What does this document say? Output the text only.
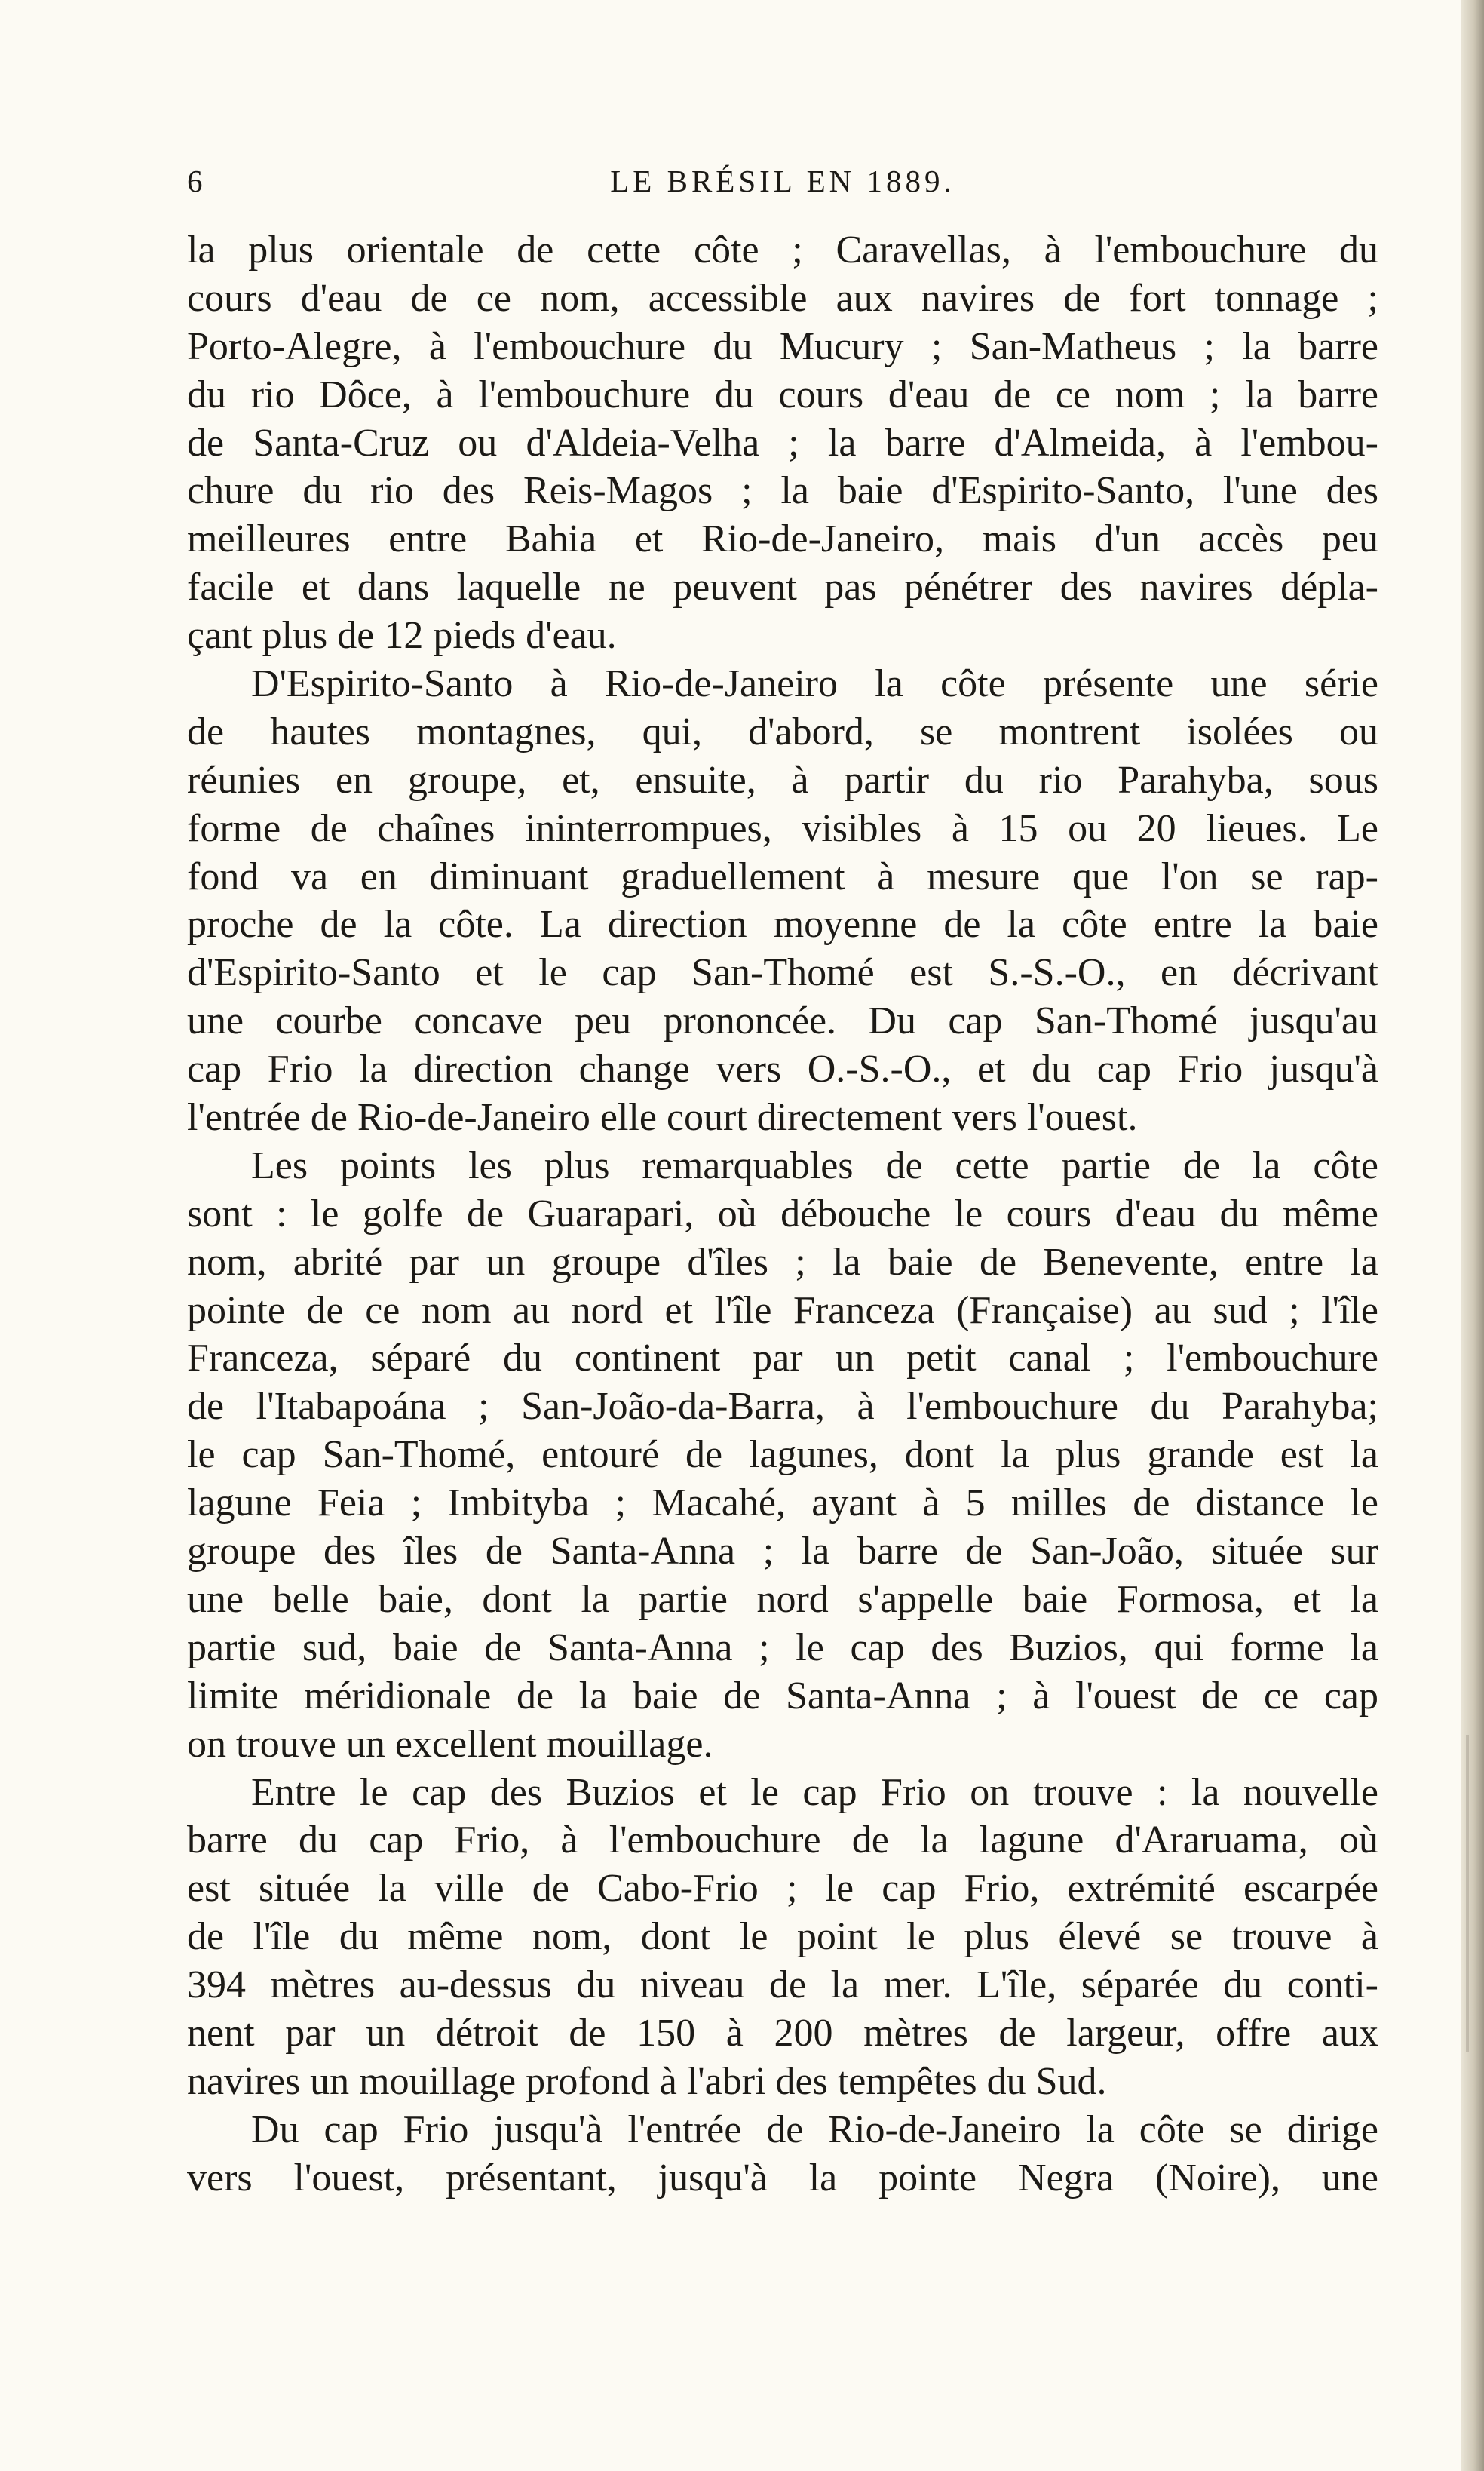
6	LE BRÉSIL EN 1889.
la plus orientale de cette côte ; Caravellas, à l'embouchure du
cours d'eau de ce nom, accessible aux navires de fort tonnage ;
Porto-Alegre, à l'embouchure du Mucury ; San-Matheus ; la barre
du rio Dôce, à l'embouchure du cours d'eau de ce nom ; la barre
de Santa-Cruz ou d'Aldeia-Velha ; la barre d'Almeida, à l'embou-
chure du rio des Reis-Magos ; la baie d'Espirito-Santo, l'une des
meilleures entre Bahia et Rio-de-Janeiro, mais d'un accès peu
facile et dans laquelle ne peuvent pas pénétrer des navires dépla-
çant plus de 12 pieds d'eau.
D'Espirito-Santo à Rio-de-Janeiro la côte présente une série
de hautes montagnes, qui, d'abord, se montrent isolées ou
réunies en groupe, et, ensuite, à partir du rio Parahyba, sous
forme de chaînes ininterrompues, visibles à 15 ou 20 lieues. Le
fond va en diminuant graduellement à mesure que l'on se rap-
proche de la côte. La direction moyenne de la côte entre la baie
d'Espirito-Santo et le cap San-Thomé est S.-S.-O., en décrivant
une courbe concave peu prononcée. Du cap San-Thomé jusqu'au
cap Frio la direction change vers O.-S.-O., et du cap Frio jusqu'à
l'entrée de Rio-de-Janeiro elle court directement vers l'ouest.
Les points les plus remarquables de cette partie de la côte
sont : le golfe de Guarapari, où débouche le cours d'eau du même
nom, abrité par un groupe d'îles ; la baie de Benevente, entre la
pointe de ce nom au nord et l'île Franceza (Française) au sud ; l'île
Franceza, séparé du continent par un petit canal ; l'embouchure
de l'Itabapoána ; San-João-da-Barra, à l'embouchure du Parahyba;
le cap San-Thomé, entouré de lagunes, dont la plus grande est la
lagune Feia ; Imbityba ; Macahé, ayant à 5 milles de distance le
groupe des îles de Santa-Anna ; la barre de San-João, située sur
une belle baie, dont la partie nord s'appelle baie Formosa, et la
partie sud, baie de Santa-Anna ; le cap des Buzios, qui forme la
limite méridionale de la baie de Santa-Anna ; à l'ouest de ce cap
on trouve un excellent mouillage.
Entre le cap des Buzios et le cap Frio on trouve : la nouvelle
barre du cap Frio, à l'embouchure de la lagune d'Araruama, où
est située la ville de Cabo-Frio ; le cap Frio, extrémité escarpée
de l'île du même nom, dont le point le plus élevé se trouve à
394 mètres au-dessus du niveau de la mer. L'île, séparée du conti-
nent par un détroit de 150 à 200 mètres de largeur, offre aux
navires un mouillage profond à l'abri des tempêtes du Sud.
Du cap Frio jusqu'à l'entrée de Rio-de-Janeiro la côte se dirige
vers l'ouest, présentant, jusqu'à la pointe Negra (Noire), une
